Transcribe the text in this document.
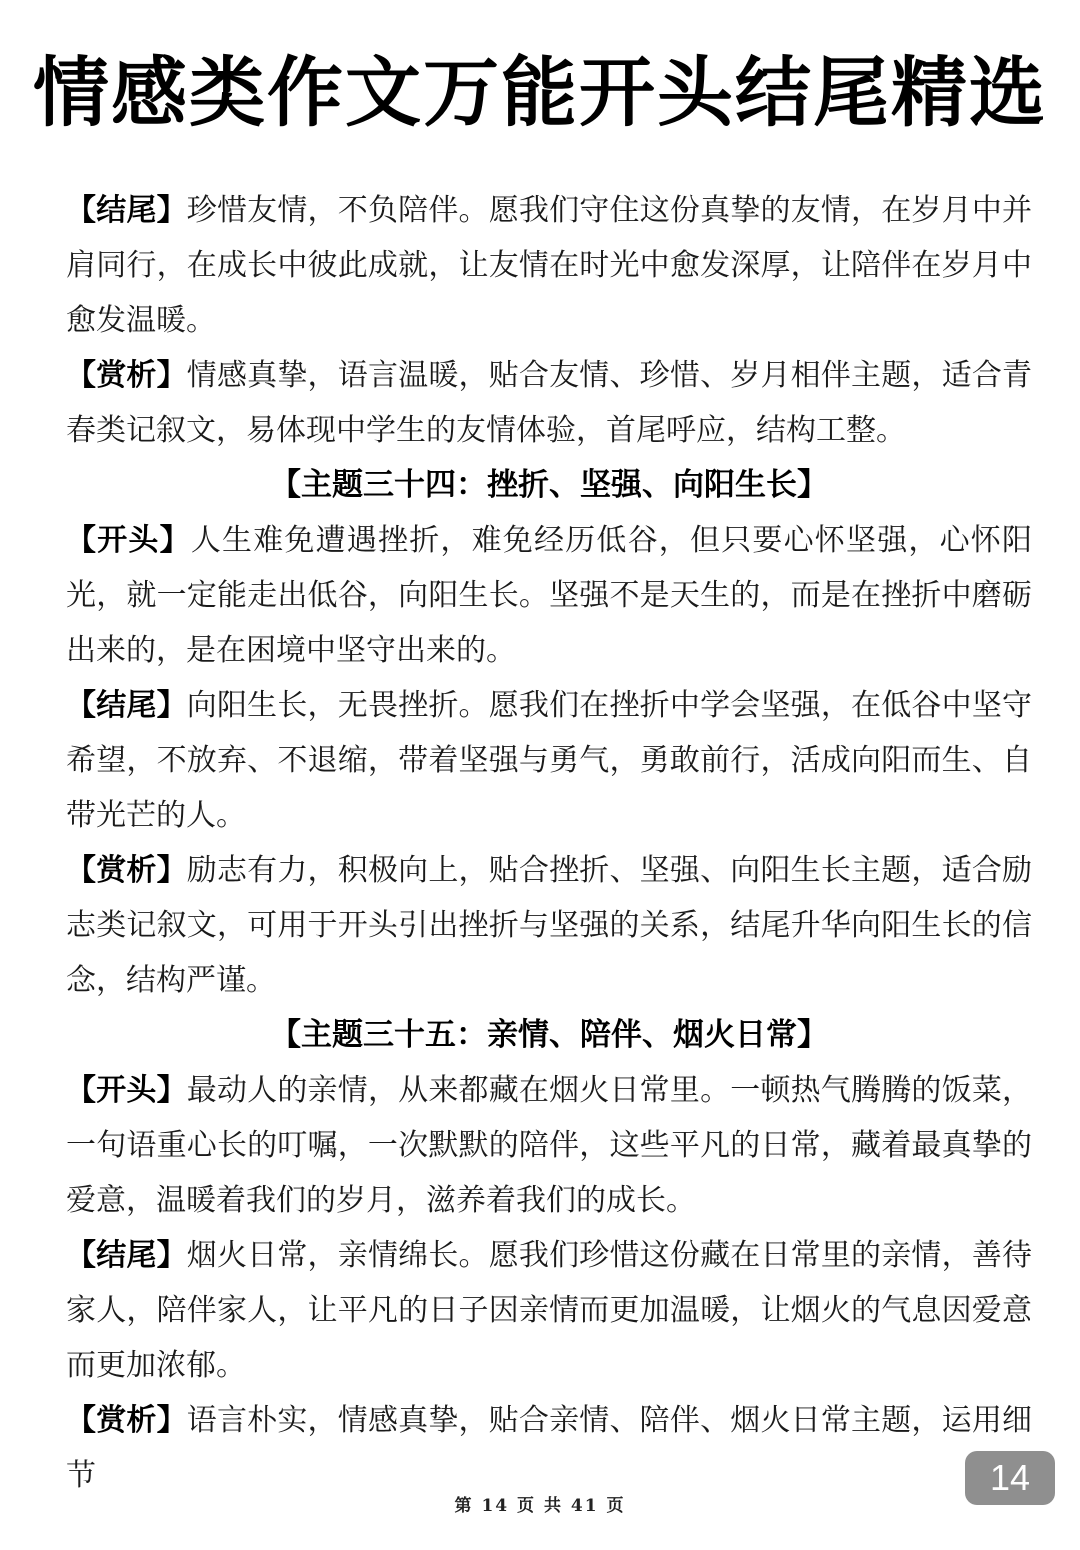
情感类作文万能开头结尾精选

【结尾】珍惜友情，不负陪伴。愿我们守住这份真挚的友情，在岁月中并肩同行，在成长中彼此成就，让友情在时光中愈发深厚，让陪伴在岁月中愈发温暖。

【赏析】情感真挚，语言温暖，贴合友情、珍惜、岁月相伴主题，适合青春类记叙文，易体现中学生的友情体验，首尾呼应，结构工整。

【主题三十四：挫折、坚强、向阳生长】

【开头】人生难免遭遇挫折，难免经历低谷，但只要心怀坚强，心怀阳光，就一定能走出低谷，向阳生长。坚强不是天生的，而是在挫折中磨砺出来的，是在困境中坚守出来的。

【结尾】向阳生长，无畏挫折。愿我们在挫折中学会坚强，在低谷中坚守希望，不放弃、不退缩，带着坚强与勇气，勇敢前行，活成向阳而生、自带光芒的人。

【赏析】励志有力，积极向上，贴合挫折、坚强、向阳生长主题，适合励志类记叙文，可用于开头引出挫折与坚强的关系，结尾升华向阳生长的信念，结构严谨。

【主题三十五：亲情、陪伴、烟火日常】

【开头】最动人的亲情，从来都藏在烟火日常里。一顿热气腾腾的饭菜，一句语重心长的叮嘱，一次默默的陪伴，这些平凡的日常，藏着最真挚的爱意，温暖着我们的岁月，滋养着我们的成长。

【结尾】烟火日常，亲情绵长。愿我们珍惜这份藏在日常里的亲情，善待家人，陪伴家人，让平凡的日子因亲情而更加温暖，让烟火的气息因爱意而更加浓郁。

【赏析】语言朴实，情感真挚，贴合亲情、陪伴、烟火日常主题，运用细节	14
第 14 页 共 41 页
